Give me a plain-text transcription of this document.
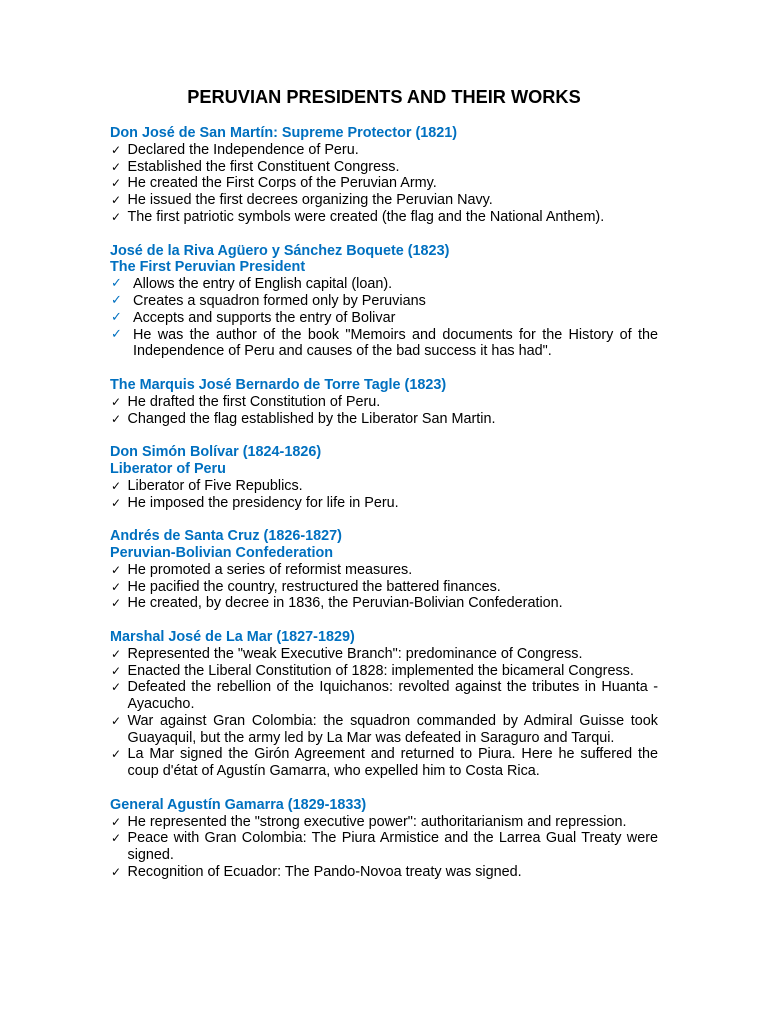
PERUVIAN PRESIDENTS AND THEIR WORKS

Don José de San Martín: Supreme Protector (1821)

✓ Declared the Independence of Peru.
✓ Established the first Constituent Congress.
✓ He created the First Corps of the Peruvian Army.
✓ He issued the first decrees organizing the Peruvian Navy.
✓ The first patriotic symbols were created (the flag and the National Anthem).

José de la Riva Agüero y Sánchez Boquete (1823)

The First Peruvian President

✓ Allows the entry of English capital (loan).
✓ Creates a squadron formed only by Peruvians
✓ Accepts and supports the entry of Bolivar
✓ He was the author of the book "Memoirs and documents for the History of the Independence of Peru and causes of the bad success it has had".

The Marquis José Bernardo de Torre Tagle (1823)

✓ He drafted the first Constitution of Peru.
✓ Changed the flag established by the Liberator San Martin.

Don Simón Bolívar (1824-1826)

Liberator of Peru

✓ Liberator of Five Republics.
✓ He imposed the presidency for life in Peru.

Andrés de Santa Cruz (1826-1827)

Peruvian-Bolivian Confederation

✓ He promoted a series of reformist measures.
✓ He pacified the country, restructured the battered finances.
✓ He created, by decree in 1836, the Peruvian-Bolivian Confederation.

Marshal José de La Mar (1827-1829)

✓ Represented the "weak Executive Branch": predominance of Congress.
✓ Enacted the Liberal Constitution of 1828: implemented the bicameral Congress.
✓ Defeated the rebellion of the Iquichanos: revolted against the tributes in Huanta -Ayacucho.
✓ War against Gran Colombia: the squadron commanded by Admiral Guisse took Guayaquil, but the army led by La Mar was defeated in Saraguro and Tarqui.
✓ La Mar signed the Girón Agreement and returned to Piura. Here he suffered the coup d'état of Agustín Gamarra, who expelled him to Costa Rica.

General Agustín Gamarra (1829-1833)

✓ He represented the "strong executive power": authoritarianism and repression.
✓ Peace with Gran Colombia: The Piura Armistice and the Larrea Gual Treaty were signed.
✓ Recognition of Ecuador: The Pando-Novoa treaty was signed.
